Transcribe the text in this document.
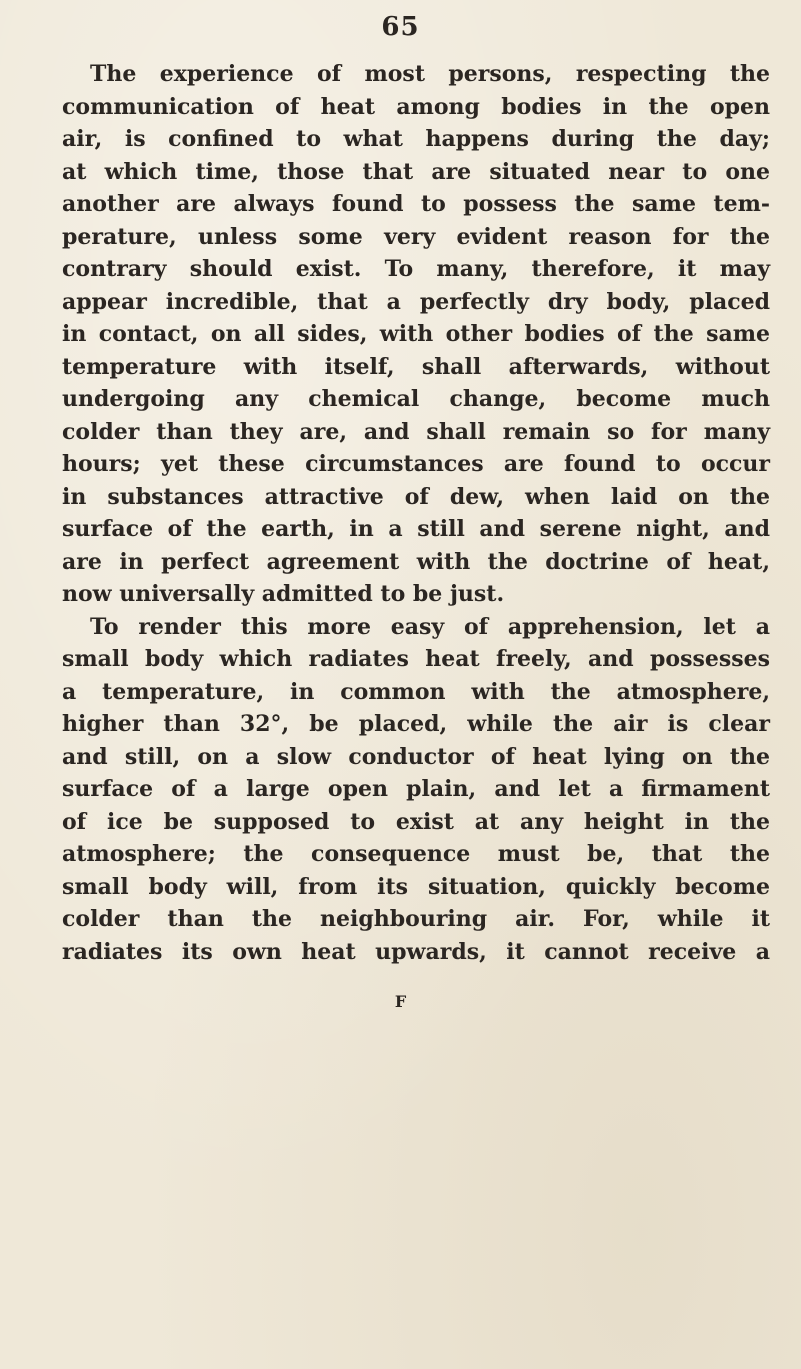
65
The experience of most persons, respecting the
communication of heat among bodies in the open
air, is confined to what happens during the day;
at which time, those that are situated near to one
another are always found to possess the same tem-
perature, unless some very evident reason for the
contrary should exist. To many, therefore, it may
appear incredible, that a perfectly dry body, placed
in contact, on all sides, with other bodies of the same
temperature with itself, shall afterwards, without
undergoing any chemical change, become much
colder than they are, and shall remain so for many
hours; yet these circumstances are found to occur
in substances attractive of dew, when laid on the
surface of the earth, in a still and serene night, and
are in perfect agreement with the doctrine of heat,
now universally admitted to be just.
To render this more easy of apprehension, let a
small body which radiates heat freely, and possesses
a temperature, in common with the atmosphere,
higher than 32°, be placed, while the air is clear
and still, on a slow conductor of heat lying on the
surface of a large open plain, and let a firmament
of ice be supposed to exist at any height in the
atmosphere; the consequence must be, that the
small body will, from its situation, quickly become
colder than the neighbouring air. For, while it
radiates its own heat upwards, it cannot receive a
F
